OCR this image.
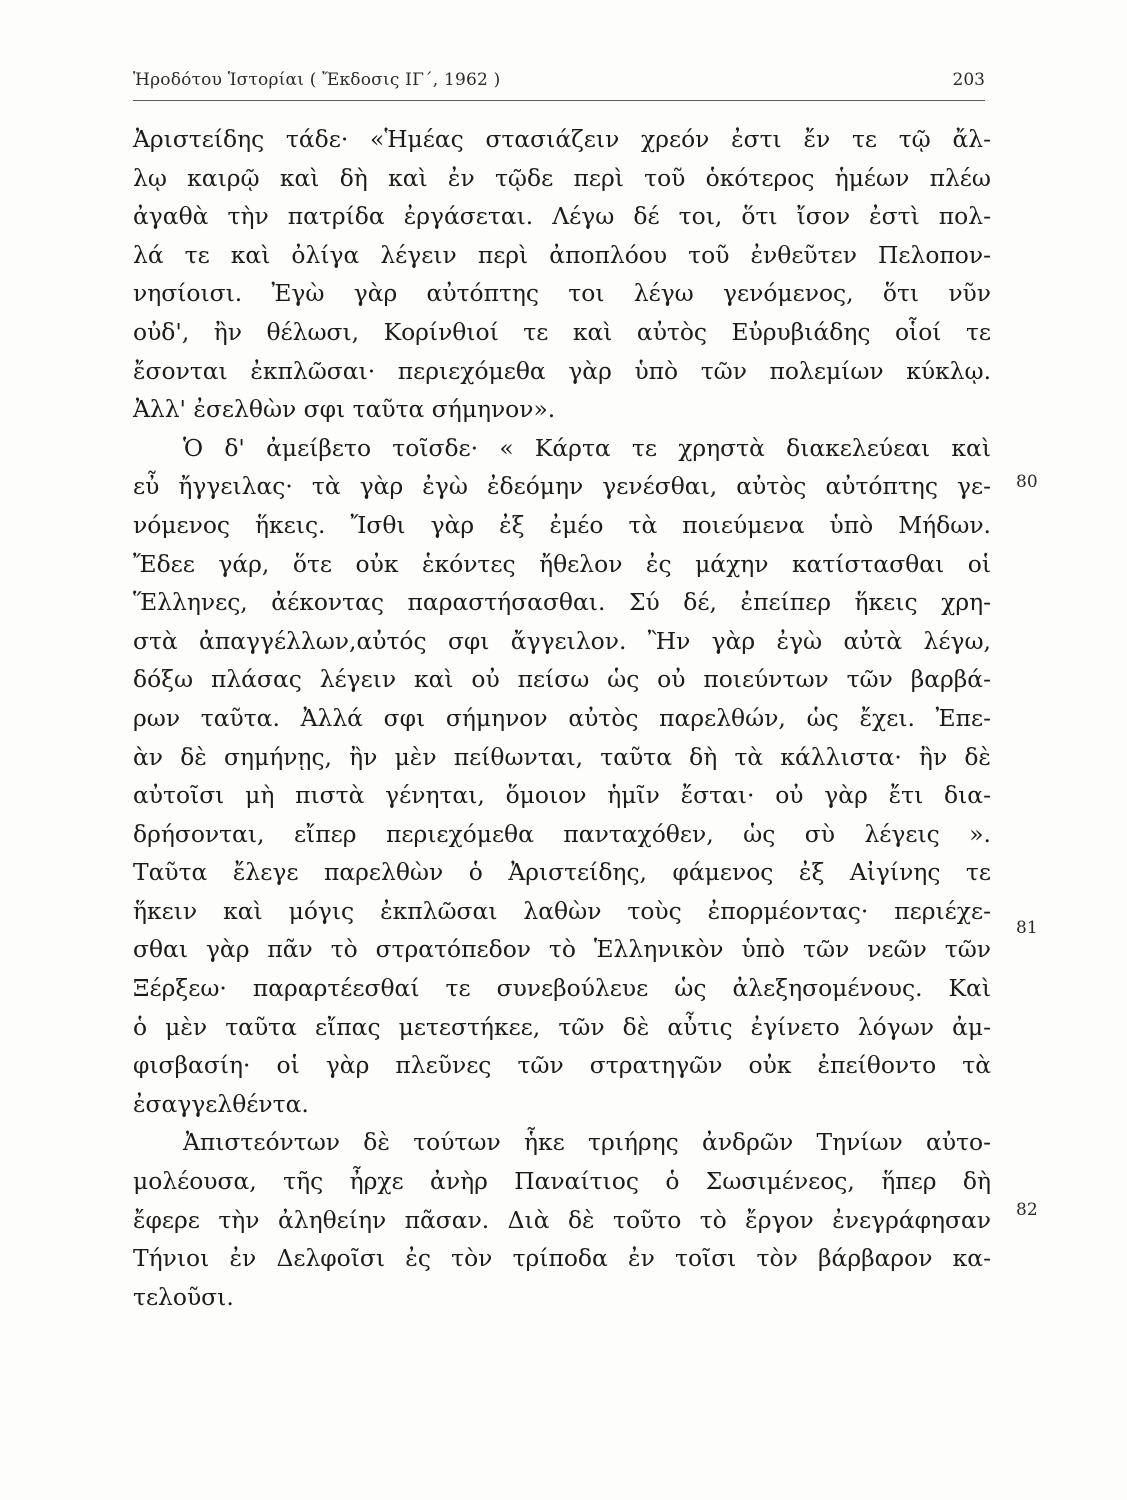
Ἡροδότου Ἱστορίαι ( Ἔκδοσις ΙΓ΄, 1962 )	203
Ἀριστείδης τάδε· «Ἡμέας στασιάζειν χρεόν ἐστι ἔν τε τῷ ἄλ-
λῳ καιρῷ καὶ δὴ καὶ ἐν τῷδε περὶ τοῦ ὁκότερος ἡμέων πλέω
ἀγαθὰ τὴν πατρίδα ἐργάσεται. Λέγω δέ τοι, ὅτι ἴσον ἐστὶ πολ-
λά τε καὶ ὀλίγα λέγειν περὶ ἀποπλόου τοῦ ἐνθεῦτεν Πελοπον-
νησίοισι. Ἐγὼ γὰρ αὐτόπτης τοι λέγω γενόμενος, ὅτι νῦν
οὐδ', ἢν θέλωσι, Κορίνθιοί τε καὶ αὐτὸς Εὐρυβιάδης οἷοί τε
ἔσονται ἐκπλῶσαι· περιεχόμεθα γὰρ ὑπὸ τῶν πολεμίων κύκλῳ.
Ἀλλ' ἐσελθὼν σφι ταῦτα σήμηνον».
Ὁ δ' ἀμείβετο τοῖσδε· « Κάρτα τε χρηστὰ διακελεύεαι καὶ
εὖ ἤγγειλας· τὰ γὰρ ἐγὼ ἐδεόμην γενέσθαι, αὐτὸς αὐτόπτης γε-
νόμενος ἥκεις. Ἴσθι γὰρ ἐξ ἐμέο τὰ ποιεύμενα ὑπὸ Μήδων.
Ἔδεε γάρ, ὅτε οὐκ ἑκόντες ἤθελον ἐς μάχην κατίστασθαι οἱ
Ἕλληνες, ἀέκοντας παραστήσασθαι. Σύ δέ, ἐπείπερ ἥκεις χρη-
στὰ ἀπαγγέλλων,αὐτός σφι ἄγγειλον. Ἢν γὰρ ἐγὼ αὐτὰ λέγω,
δόξω πλάσας λέγειν καὶ οὐ πείσω ὡς οὐ ποιεύντων τῶν βαρβά-
ρων ταῦτα. Ἀλλά σφι σήμηνον αὐτὸς παρελθών, ὡς ἔχει. Ἐπε-
ὰν δὲ σημήνῃς, ἢν μὲν πείθωνται, ταῦτα δὴ τὰ κάλλιστα· ἢν δὲ
αὐτοῖσι μὴ πιστὰ γένηται, ὅμοιον ἡμῖν ἔσται· οὐ γὰρ ἔτι δια-
δρήσονται, εἴπερ περιεχόμεθα πανταχόθεν, ὡς σὺ λέγεις ».
Ταῦτα ἔλεγε παρελθὼν ὁ Ἀριστείδης, φάμενος ἐξ Αἰγίνης τε
ἥκειν καὶ μόγις ἐκπλῶσαι λαθὼν τοὺς ἐπορμέοντας· περιέχε-
σθαι γὰρ πᾶν τὸ στρατόπεδον τὸ Ἑλληνικὸν ὑπὸ τῶν νεῶν τῶν
Ξέρξεω· παραρτέεσθαί τε συνεβούλευε ὡς ἀλεξησομένους. Καὶ
ὁ μὲν ταῦτα εἴπας μετεστήκεε, τῶν δὲ αὖτις ἐγίνετο λόγων ἀμ-
φισβασίη· οἱ γὰρ πλεῦνες τῶν στρατηγῶν οὐκ ἐπείθοντο τὰ
ἐσαγγελθέντα.
Ἀπιστεόντων δὲ τούτων ἧκε τριήρης ἀνδρῶν Τηνίων αὐτο-
μολέουσα, τῆς ἦρχε ἀνὴρ Παναίτιος ὁ Σωσιμένεος, ἥπερ δὴ
ἔφερε τὴν ἀληθείην πᾶσαν. Διὰ δὲ τοῦτο τὸ ἔργον ἐνεγράφησαν
Τήνιοι ἐν Δελφοῖσι ἐς τὸν τρίποδα ἐν τοῖσι τὸν βάρβαρον κα-
τελοῦσι.
80
81
82
